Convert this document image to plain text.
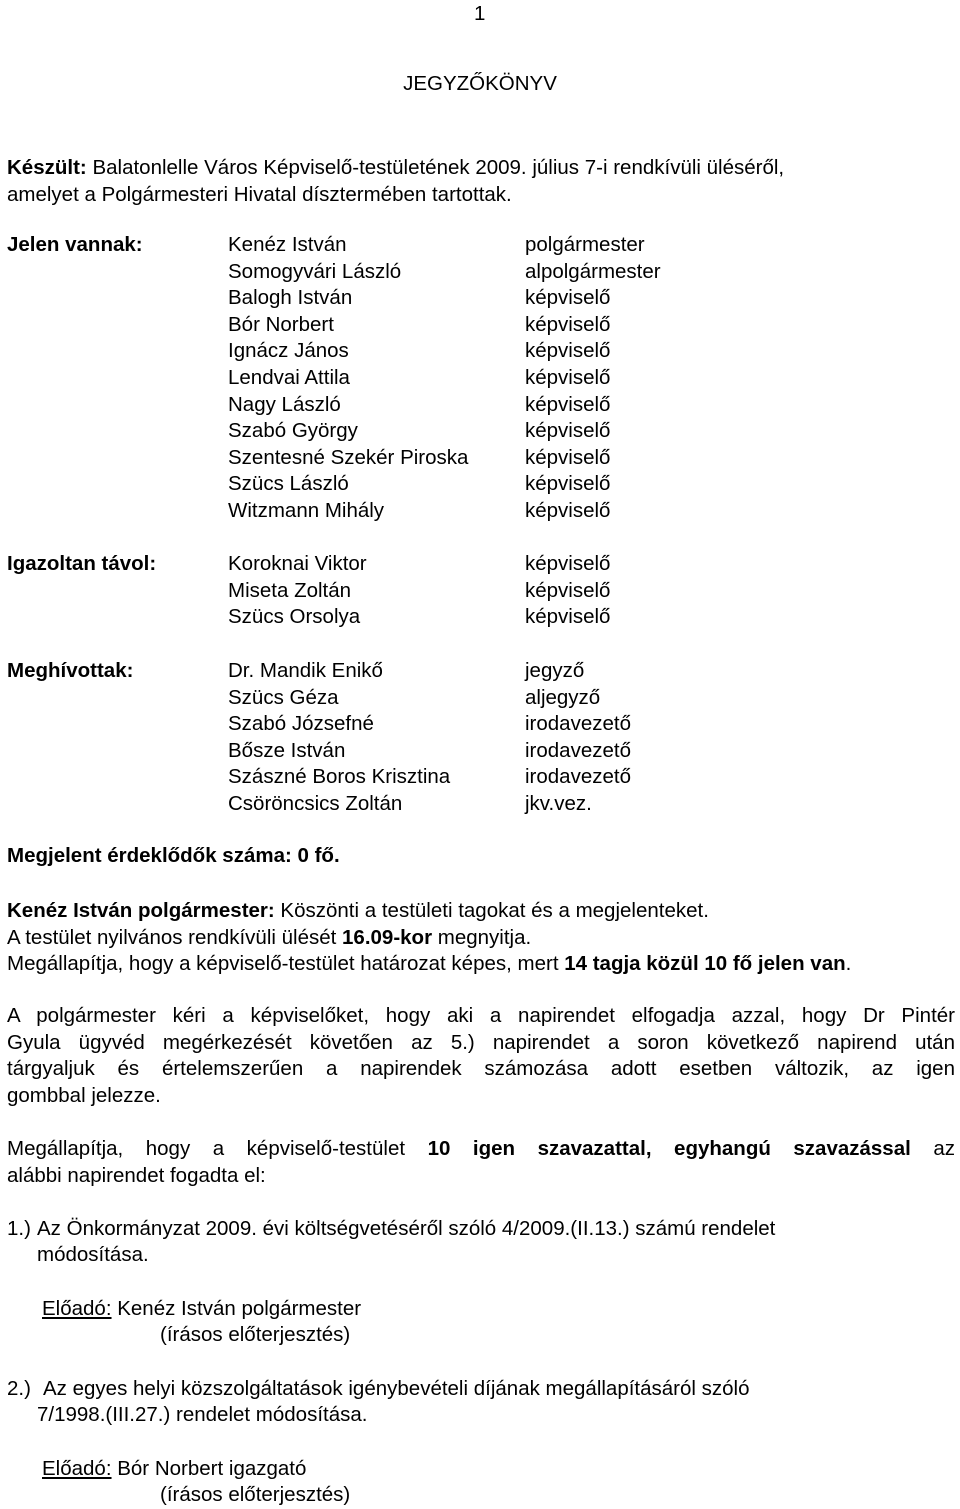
1
JEGYZŐKÖNYV
Készült: Balatonlelle Város Képviselő-testületének 2009. július 7-i rendkívüli üléséről,
amelyet a Polgármesteri Hivatal dísztermében tartottak.
Jelen vannak:	Kenéz István	polgármester
Somogyvári László	alpolgármester
Balogh István	képviselő
Bór Norbert	képviselő
Ignácz János	képviselő
Lendvai Attila	képviselő
Nagy László	képviselő
Szabó György	képviselő
Szentesné Szekér Piroska	képviselő
Szücs László	képviselő
Witzmann Mihály	képviselő
Igazoltan távol:	Koroknai Viktor	képviselő
Miseta Zoltán	képviselő
Szücs Orsolya	képviselő
Meghívottak:	Dr. Mandik Enikő	jegyző
Szücs Géza	aljegyző
Szabó Józsefné	irodavezető
Bősze István	irodavezető
Szászné Boros Krisztina	irodavezető
Csöröncsics Zoltán	jkv.vez.
Megjelent érdeklődők száma: 0 fő.
Kenéz István polgármester: Köszönti a testületi tagokat és a megjelenteket.
A testület nyilvános rendkívüli ülését 16.09-kor megnyitja.
Megállapítja, hogy a képviselő-testület határozat képes, mert 14 tagja közül 10 fő jelen van.
A polgármester kéri a képviselőket, hogy aki a napirendet elfogadja azzal, hogy Dr Pintér
Gyula ügyvéd megérkezését követően az 5.) napirendet a soron következő napirend után
tárgyaljuk és értelemszerűen a napirendek számozása adott esetben változik, az igen
gombbal jelezze.
Megállapítja, hogy a képviselő-testület 10 igen szavazattal, egyhangú szavazással az
alábbi napirendet fogadta el:
1.) Az Önkormányzat 2009. évi költségvetéséről szóló 4/2009.(II.13.) számú rendelet
módosítása.
Előadó: Kenéz István polgármester
(írásos előterjesztés)
2.) Az egyes helyi közszolgáltatások igénybevételi díjának megállapításáról szóló
7/1998.(III.27.) rendelet módosítása.
Előadó: Bór Norbert igazgató
(írásos előterjesztés)
